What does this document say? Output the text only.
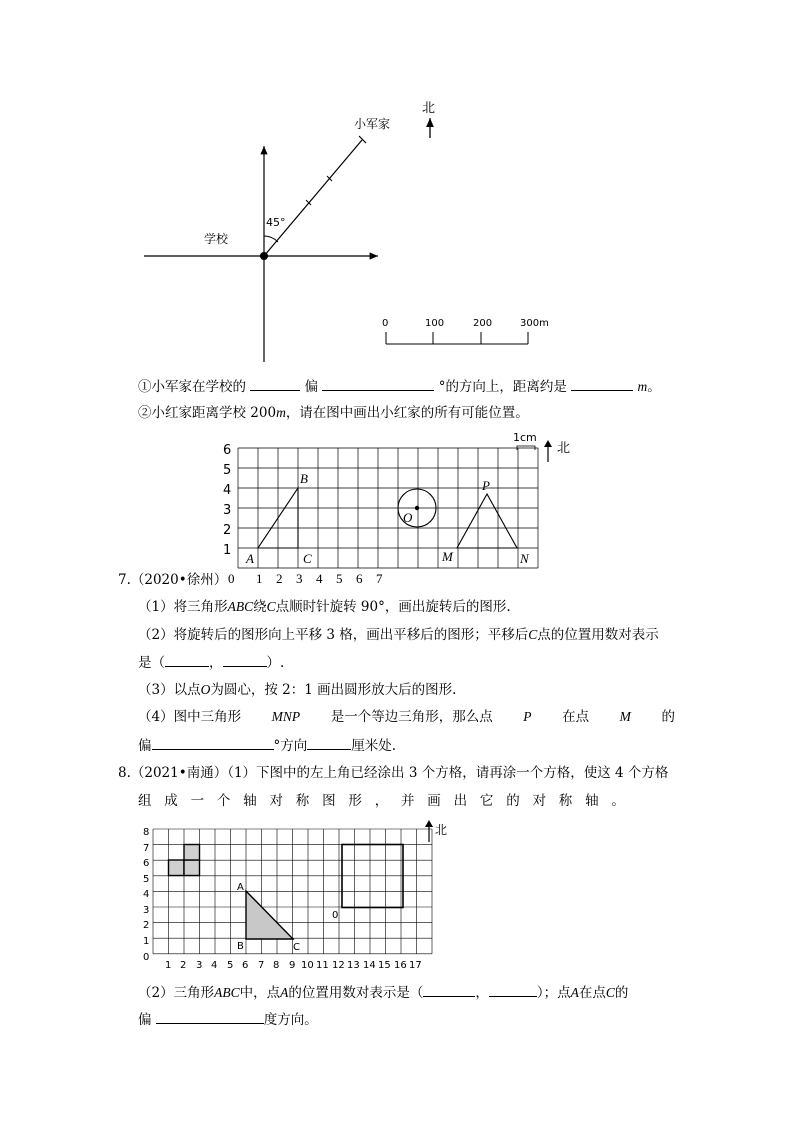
45°
学校
小军家
北
0	100	200	300m
①小军家在学校的	偏	°的方向上，距离约是	m。
②小红家距离学校 200m，请在图中画出小红家的所有可能位置。
A
B
C
O
M	N
P
1
2
3
4
5
6
1cm
北
7.（2020•徐州） 0 1 2 3 4 5 6 7
（1）将三角形ABC绕C点顺时针旋转 90°，画出旋转后的图形.
（2）将旋转后的图形向上平移 3 格，画出平移后的图形；平移后C点的位置用数对表示
是（	，	）.
（3）以点O为圆心，按 2：1 画出圆形放大后的图形.
（4）图中三角形 MNP 是一个等边三角形，那么点 P 在点 M 的
偏	°方向	厘米处.
8.（2021•南通）（1）下图中的左上角已经涂出 3 个方格，请再涂一个方格，使这 4 个方格
组成一个轴对称图形，并画出它的对称轴。
A
B	C
0
0
1
2
3
4
5
6
7
8
1 2 3 4 5 6 7 8 9 10 11 12 13 14 15 16 17
北
（2）三角形ABC中，点A的位置用数对表示是（	，	）；点A在点C的
偏	度方向。
